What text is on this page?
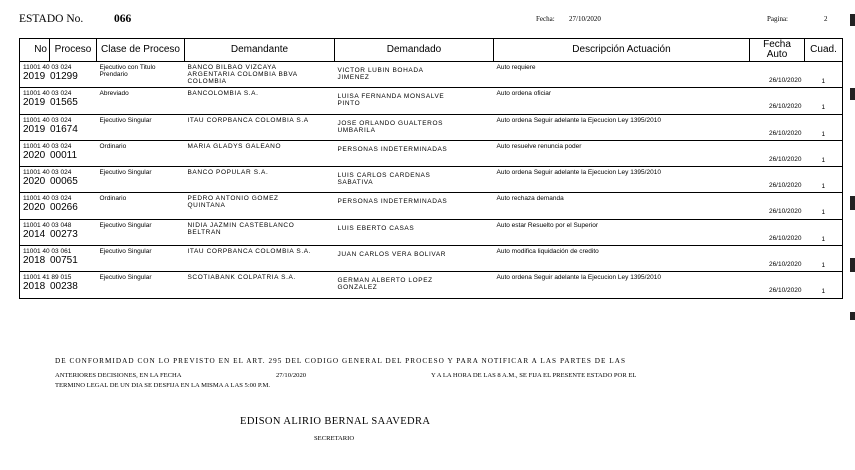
ESTADO No.	066	Fecha: 27/10/2020	Pagina:	2
No	Proceso	Clase de Proceso	Demandante	Demandado	Descripción Actuación	Fecha
Auto	Cuad.

11001 40 03 024
2019 01299		Ejecutivo con Titulo Prendario	BANCO BILBAO VIZCAYA ARGENTARIA COLOMBIA BBVA COLOMBIA	VICTOR LUBIN BOHADA JIMENEZ	Auto requiere	26/10/2020	1

11001 40 03 024
2019 01565		Abreviado	BANCOLOMBIA S.A.	LUISA FERNANDA MONSALVE PINTO	Auto ordena oficiar	26/10/2020	1

11001 40 03 024
2019 01674		Ejecutivo Singular	ITAU CORPBANCA COLOMBIA S.A	JOSE ORLANDO GUALTEROS UMBARILA	Auto ordena Seguir adelante la Ejecucion Ley 1395/2010	26/10/2020	1

11001 40 03 024
2020 00011		Ordinario	MARIA GLADYS GALEANO	PERSONAS INDETERMINADAS	Auto resuelve renuncia poder	26/10/2020	1

11001 40 03 024
2020 00065		Ejecutivo Singular	BANCO POPULAR S.A.	LUIS CARLOS CARDENAS SABATIVA	Auto ordena Seguir adelante la Ejecucion Ley 1395/2010	26/10/2020	1

11001 40 03 024
2020 00266		Ordinario	PEDRO ANTONIO GOMEZ QUINTANA	PERSONAS INDETERMINADAS	Auto rechaza demanda	26/10/2020	1

11001 40 03 048
2014 00273		Ejecutivo Singular	NIDIA JAZMIN CASTEBLANCO BELTRAN	LUIS EBERTO CASAS	Auto estar Resuelto por el Superior	26/10/2020	1

11001 40 03 061
2018 00751		Ejecutivo Singular	ITAU CORPBANCA COLOMBIA S.A.	JUAN CARLOS VERA BOLIVAR	Auto modifica liquidación de credito	26/10/2020	1

11001 41 89 015
2018 00238		Ejecutivo Singular	SCOTIABANK COLPATRIA S.A.	GERMAN ALBERTO LOPEZ GONZALEZ	Auto ordena Seguir adelante la Ejecucion Ley 1395/2010	26/10/2020	1
DE CONFORMIDAD CON LO PREVISTO EN EL ART. 295 DEL CODIGO GENERAL DEL PROCESO Y PARA NOTIFICAR A LAS PARTES DE LAS
ANTERIORES DECISIONES, EN LA FECHA	27/10/2020	Y A LA HORA DE LAS 8 A.M., SE FIJA EL PRESENTE ESTADO POR EL
TERMINO LEGAL DE UN DIA SE DESFIJA EN LA MISMA A LAS 5:00 P.M.
EDISON ALIRIO BERNAL SAAVEDRA
SECRETARIO
